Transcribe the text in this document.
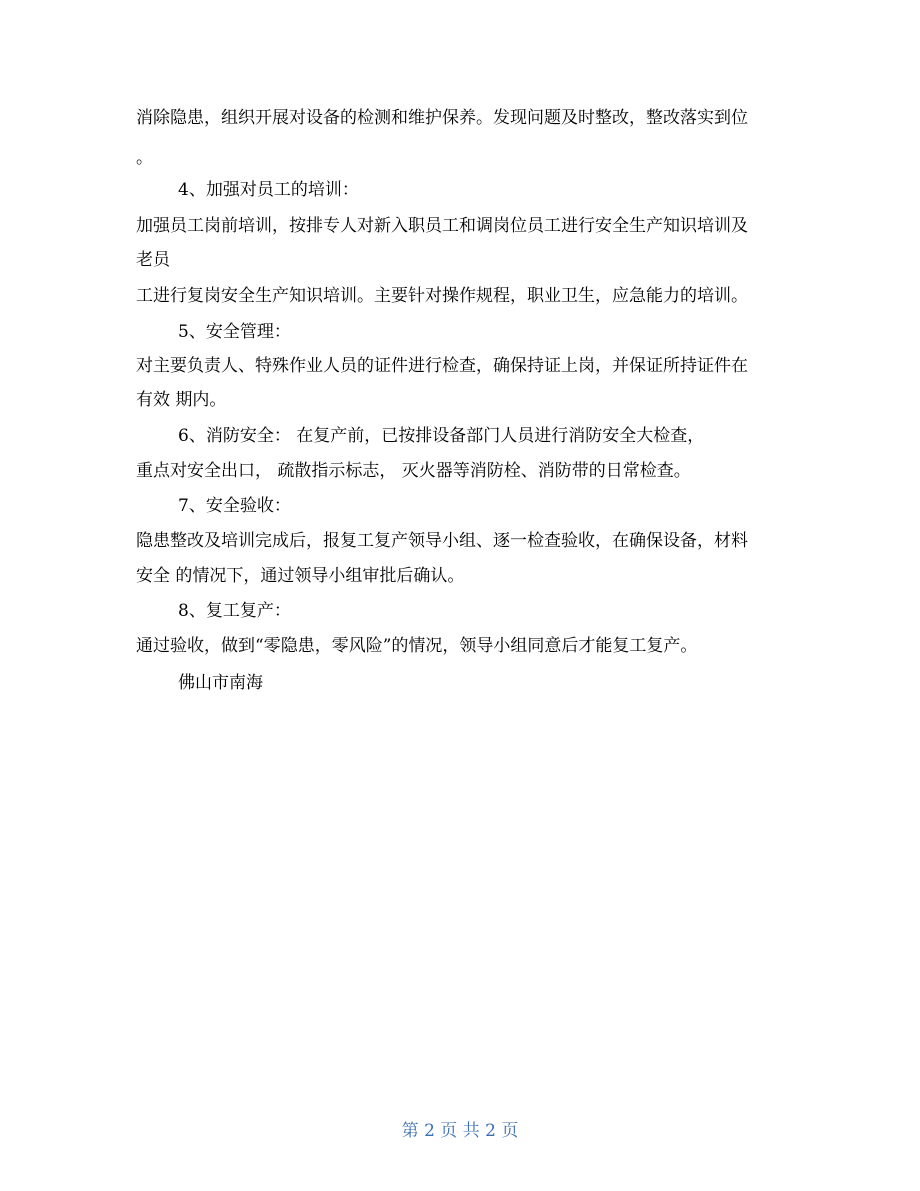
消除隐患，组织开展对设备的检测和维护保养。发现问题及时整改，整改落实到位
。
4、加强对员工的培训：
加强员工岗前培训，按排专人对新入职员工和调岗位员工进行安全生产知识培训及
老员
工进行复岗安全生产知识培训。主要针对操作规程，职业卫生，应急能力的培训。
5、安全管理：
对主要负责人、特殊作业人员的证件进行检查，确保持证上岗，并保证所持证件在
有效 期内。
6、消防安全： 在复产前，已按排设备部门人员进行消防安全大检查，
重点对安全出口， 疏散指示标志， 灭火器等消防栓、消防带的日常检查。
7、安全验收：
隐患整改及培训完成后，报复工复产领导小组、逐一检查验收，在确保设备，材料
安全 的情况下，通过领导小组审批后确认。
8、复工复产：
通过验收，做到“零隐患，零风险”的情况，领导小组同意后才能复工复产。
佛山市南海
第 2 页 共 2 页
